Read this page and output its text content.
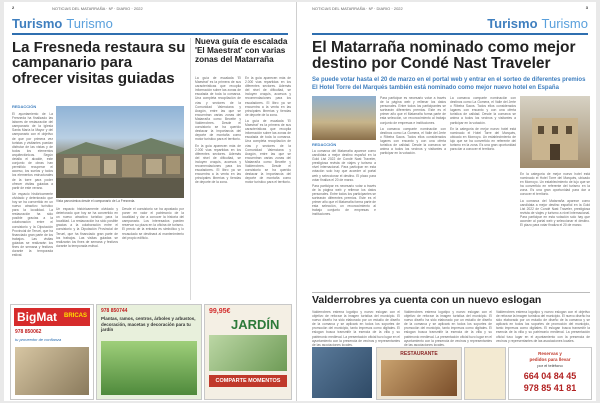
2	NOTICIAS DEL MATARRAÑA · Nº · DIARIO · 2022
Turismo Turismo
La Fresneda restaura su campanario para ofrecer visitas guiadas
REDACCIÓN
El ayuntamiento de La Fresneda ha finalizado las labores de restauración del campanario de la iglesia Santa María la Mayor y del campanario con el objetivo de que por primera vez turistas y visitantes puedan disfrutar de las vistas y de todos los elementos arquitectónicos. Según detalla el alcalde, este conjunto de obras han permitido recuperar el acceso, los suelos y todos los elementos estructurales de la torre para poder ofrecer visitas guiadas a partir de este verano.
Un espacio históricamente olvidado y deteriorado que hoy se ha convertido en un nuevo atractivo turístico para la localidad. La restauración ha sido posible gracias a la colaboración entre el consistorio y la Diputación Provincial de Teruel, que ha financiado gran parte de los trabajos. Las visitas guiadas se realizarán los fines de semana y festivos durante la temporada estival.
Vista panorámica desde el campanario de La Fresneda.
Un espacio históricamente olvidado y deteriorado que hoy se ha convertido en un nuevo atractivo turístico para la localidad. La restauración ha sido posible gracias a la colaboración entre el consistorio y la Diputación Provincial de Teruel, que ha financiado gran parte de los trabajos. Las visitas guiadas se realizarán los fines de semana y festivos durante la temporada estival.
Desde el consistorio se ha apostado por poner en valor el patrimonio de la localidad y dar a conocer la historia del campanario. Los interesados pueden reservar su plaza en la oficina de turismo. El precio de la entrada es simbólico y lo recaudado se destinará al mantenimiento del propio edificio.
Nueva guía de escalada 'El Maestrat' con varias zonas del Matarraña
La guía de escalada 'El Maestrat' es la primera de sus características que recopila información sobre las zonas de escalada de toda la comarca. Una completa recopilación de vías y sectores de la Comunidad Valenciana y Aragón, entre las que se encuentran varias zonas del Matarraña como Beceite y Valderrobres. Desde el consistorio se ha querido destacar la importancia del deporte de montaña como motor turístico para el territorio.
En la guía aparecen más de 2.000 vías repartidas en los diferentes sectores. Además del nivel de dificultad, se incluyen croquis, accesos y recomendaciones para los escaladores. El libro ya se encuentra a la venta en las principales librerías y tiendas de deporte de la zona.
En la guía aparecen más de 2.000 vías repartidas en los diferentes sectores. Además del nivel de dificultad, se incluyen croquis, accesos y recomendaciones para los escaladores. El libro ya se encuentra a la venta en las principales librerías y tiendas de deporte de la zona.
La guía de escalada 'El Maestrat' es la primera de sus características que recopila información sobre las zonas de escalada de toda la comarca. Una completa recopilación de vías y sectores de la Comunidad Valenciana y Aragón, entre las que se encuentran varias zonas del Matarraña como Beceite y Valderrobres. Desde el consistorio se ha querido destacar la importancia del deporte de montaña como motor turístico para el territorio.
BigMat BRICAS
978 850062
tu proveedor de confianza
978 850744
Plantas, ramos, centros, árboles y arbustos, decoración, macetas y decoración para tu jardín
99,95€
JARDÍN
COMPARTE MOMENTOS
NOTICIAS DEL MATARRAÑA · Nº · DIARIO · 2022	3
Turismo Turismo
El Matarraña nominado como mejor destino por Condé Nast Traveler
Se puede votar hasta el 20 de marzo en el portal web y entrar en el sorteo de diferentes premios
El Hotel Torre del Marqués también está nominado como mejor nuevo hotel en España
REDACCIÓN
La comarca del Matarraña aparece como candidata a mejor destino español en la Gold List 2022 de Condé Nast Traveler, prestigiosa revista de viajes y turismo a nivel internacional. Para participar en esta votación solo hay que acceder al portal web y seleccionar el destino. El plazo para votar finaliza el 20 de marzo.
Para participar es necesario votar a través de la página web y rellenar los datos personales. Entre todos los participantes se sortearán diferentes premios. Este es el primer año que el Matarraña forma parte de esta selección, un reconocimiento al trabajo conjunto de empresas e instituciones.
Para participar es necesario votar a través de la página web y rellenar los datos personales. Entre todos los participantes se sortearán diferentes premios. Este es el primer año que el Matarraña forma parte de esta selección, un reconocimiento al trabajo conjunto de empresas e instituciones.
La comarca comparte nominación con destinos como La Gomera, el Valle del Jerte o Ribeira Sacra. Todos ellos considerados lugares con encanto y con una oferta turística de calidad. Desde la comarca se anima a todos los vecinos y visitantes a participar en la votación.
La comarca comparte nominación con destinos como La Gomera, el Valle del Jerte o Ribeira Sacra. Todos ellos considerados lugares con encanto y con una oferta turística de calidad. Desde la comarca se anima a todos los vecinos y visitantes a participar en la votación.
En la categoría de mejor nuevo hotel está nominado el Hotel Torre del Marqués, ubicado en Monroyo. Un establecimiento de lujo que se ha convertido en referente del turismo en la zona. Es una gran oportunidad para dar a conocer el territorio.
En la categoría de mejor nuevo hotel está nominado el Hotel Torre del Marqués, ubicado en Monroyo. Un establecimiento de lujo que se ha convertido en referente del turismo en la zona. Es una gran oportunidad para dar a conocer el territorio.
La comarca del Matarraña aparece como candidata a mejor destino español en la Gold List 2022 de Condé Nast Traveler, prestigiosa revista de viajes y turismo a nivel internacional. Para participar en esta votación solo hay que acceder al portal web y seleccionar el destino. El plazo para votar finaliza el 20 de marzo.
Valderrobres ya cuenta con un nuevo eslogan
Valderrobres estrena logotipo y nuevo eslogan con el objetivo de reforzar la imagen turística del municipio. El nuevo diseño ha sido elaborado por un estudio de diseño de la comarca y se aplicará en todos los soportes de promoción del municipio, tanto impresos como digitales. El eslogan busca transmitir la esencia de la villa y su patrimonio medieval. La presentación oficial tuvo lugar en el ayuntamiento con la presencia de vecinos y representantes de las asociaciones locales.
Valderrobres estrena logotipo y nuevo eslogan con el objetivo de reforzar la imagen turística del municipio. El nuevo diseño ha sido elaborado por un estudio de diseño de la comarca y se aplicará en todos los soportes de promoción del municipio, tanto impresos como digitales. El eslogan busca transmitir la esencia de la villa y su patrimonio medieval. La presentación oficial tuvo lugar en el ayuntamiento con la presencia de vecinos y representantes de las asociaciones locales.
Valderrobres estrena logotipo y nuevo eslogan con el objetivo de reforzar la imagen turística del municipio. El nuevo diseño ha sido elaborado por un estudio de diseño de la comarca y se aplicará en todos los soportes de promoción del municipio, tanto impresos como digitales. El eslogan busca transmitir la esencia de la villa y su patrimonio medieval. La presentación oficial tuvo lugar en el ayuntamiento con la presencia de vecinos y representantes de las asociaciones locales.
RESTAURANTE	Reservas y
pedidos para llevar
por el teléfono
664 04 84 45
978 85 41 81
